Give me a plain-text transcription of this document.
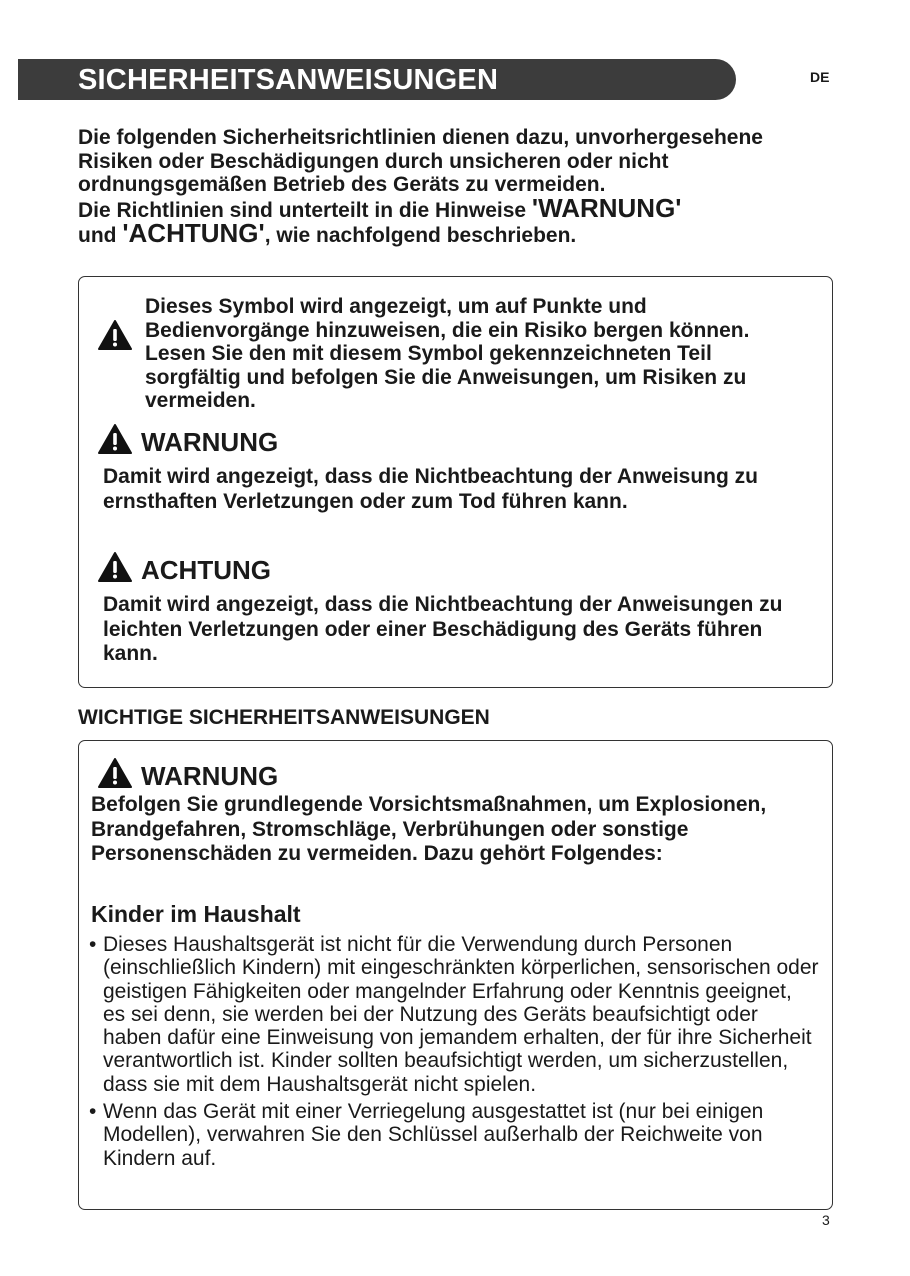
SICHERHEITSANWEISUNGEN	DE

Die folgenden Sicherheitsrichtlinien dienen dazu, unvorhergesehene Risiken oder Beschädigungen durch unsicheren oder nicht ordnungsgemäßen Betrieb des Geräts zu vermeiden.

Die Richtlinien sind unterteilt in die Hinweise 'WARNUNG'
und 'ACHTUNG', wie nachfolgend beschrieben.

Dieses Symbol wird angezeigt, um auf Punkte und Bedienvorgänge hinzuweisen, die ein Risiko bergen können. Lesen Sie den mit diesem Symbol gekennzeichneten Teil sorgfältig und befolgen Sie die Anweisungen, um Risiken zu vermeiden.
WARNUNG
Damit wird angezeigt, dass die Nichtbeachtung der Anweisung zu ernsthaften Verletzungen oder zum Tod führen kann.
ACHTUNG
Damit wird angezeigt, dass die Nichtbeachtung der Anweisungen zu leichten Verletzungen oder einer Beschädigung des Geräts führen kann.
WICHTIGE SICHERHEITSANWEISUNGEN
WARNUNG
Befolgen Sie grundlegende Vorsichtsmaßnahmen, um Explosionen, Brandgefahren, Stromschläge, Verbrühungen oder sonstige Personenschäden zu vermeiden. Dazu gehört Folgendes:
Kinder im Haushalt
• Dieses Haushaltsgerät ist nicht für die Verwendung durch Personen (einschließlich Kindern) mit eingeschränkten körperlichen, sensorischen oder geistigen Fähigkeiten oder mangelnder Erfahrung oder Kenntnis geeignet, es sei denn, sie werden bei der Nutzung des Geräts beaufsichtigt oder haben dafür eine Einweisung von jemandem erhalten, der für ihre Sicherheit verantwortlich ist. Kinder sollten beaufsichtigt werden, um sicherzustellen, dass sie mit dem Haushaltsgerät nicht spielen.
• Wenn das Gerät mit einer Verriegelung ausgestattet ist (nur bei einigen Modellen), verwahren Sie den Schlüssel außerhalb der Reichweite von Kindern auf.
3
